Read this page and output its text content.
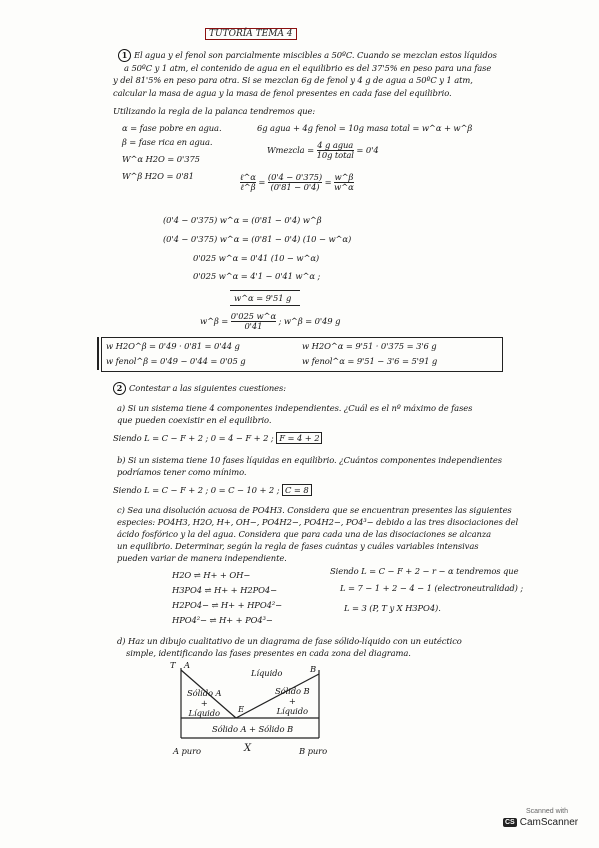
TUTORÍA TEMA 4
1 El agua y el fenol son parcialmente miscibles a 50ºC. Cuando se mezclan estos líquidos
a 50ºC y 1 atm, el contenido de agua en el equilibrio es del 37'5% en peso para una fase
y del 81'5% en peso para otra. Si se mezclan 6g de fenol y 4 g de agua a 50ºC y 1 atm,
calcular la masa de agua y la masa de fenol presentes en cada fase del equilibrio.
Utilizando la regla de la palanca tendremos que:
α = fase pobre en agua.
β = fase rica en agua.
W^α H2O = 0'375
W^β H2O = 0'81
6g agua + 4g fenol = 10g masa total = w^α + w^β
Wmezcla = 4 g agua
10g total = 0'4
ℓ^α
ℓ^β = $\frac{(0'4 - 0'375)}{(0'81 - 0'4)} = \frac{w\^{}\beta}{w\^{}\alpha}$
(0'4 − 0'375) w^α = (0'81 − 0'4) w^β
(0'4 − 0'375) w^α = (0'81 − 0'4) (10 − w^α)
0'025 w^α = 0'41 (10 − w^α)
0'025 w^α = 4'1 − 0'41 w^α ;
w^α = 9'51 g
w^β = $\frac{0'025 w\^{}\alpha}{0'41}$ ; w^β = 0'49 g
w H2O^β = 0'49 · 0'81 = 0'44 g
w fenol^β = 0'49 − 0'44 = 0'05 g
w H2O^α = 9'51 · 0'375 = 3'6 g
w fenol^α = 9'51 − 3'6 = 5'91 g
2 Contestar a las siguientes cuestiones:
a) Si un sistema tiene 4 componentes independientes. ¿Cuál es el nº máximo de fases
que pueden coexistir en el equilibrio.
Siendo L = C − F + 2 ; 0 = 4 − F + 2 ; F = 4 + 2
b) Si un sistema tiene 10 fases líquidas en equilibrio. ¿Cuántos componentes independientes
podríamos tener como mínimo.
Siendo L = C − F + 2 ; 0 = C − 10 + 2 ; C = 8
c) Sea una disolución acuosa de PO4H3. Considera que se encuentran presentes las siguientes
especies: PO4H3, H2O, H+, OH−, PO4H2−, PO4H2−, PO4³− debido a las tres disociaciones del
ácido fosfórico y la del agua. Considera que para cada una de las disociaciones se alcanza
un equilibrio. Determinar, según la regla de fases cuántas y cuáles variables intensivas
pueden variar de manera independiente.
H2O ⇌ H+ + OH−
H3PO4 ⇌ H+ + H2PO4−
H2PO4− ⇌ H+ + HPO4²−
HPO4²− ⇌ H+ + PO4³−
Siendo L = C − F + 2 − r − α tendremos que
L = 7 − 1 + 2 − 4 − 1 (electroneutralidad) ;
L = 3 (P, T y X H3PO4).
d) Haz un dibujo cualitativo de un diagrama de fase sólido-líquido con un eutéctico
simple, identificando las fases presentes en cada zona del diagrama.
T A	B
Líquido
Sólido A
+
Líquido
Sólido B
+
Líquido
E
Sólido A + Sólido B
X
A puro	B puro
Scanned with
CS CamScanner
